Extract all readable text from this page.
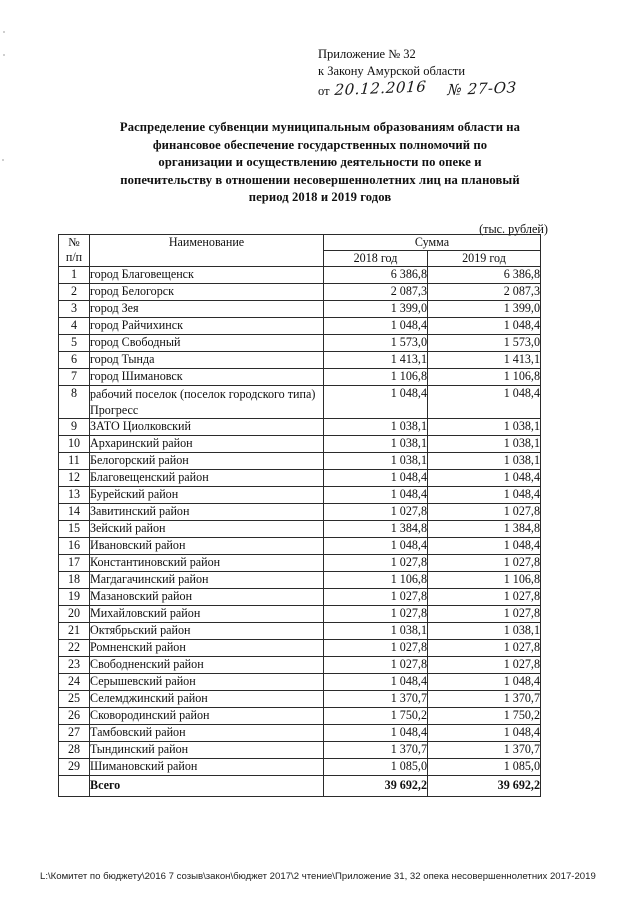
Приложение № 32
к Закону Амурской области
от 20.12.2016 № 27-ОЗ
Распределение субвенции муниципальным образованиям области на
финансовое обеспечение государственных полномочий по
организации и осуществлению деятельности по опеке и
попечительству в отношении несовершеннолетних лиц на плановый
период 2018 и 2019 годов
(тыс. рублей)
№
п/п	Наименование	Сумма	
		2018 год	2019 год
1	город Благовещенск	6 386,8	6 386,8
2	город Белогорск	2 087,3	2 087,3
3	город Зея	1 399,0	1 399,0
4	город Райчихинск	1 048,4	1 048,4
5	город Свободный	1 573,0	1 573,0
6	город Тында	1 413,1	1 413,1
7	город Шимановск	1 106,8	1 106,8
8	рабочий поселок (поселок городского типа) Прогресс	1 048,4	1 048,4
9	ЗАТО Циолковский	1 038,1	1 038,1
10	Архаринский район	1 038,1	1 038,1
11	Белогорский район	1 038,1	1 038,1
12	Благовещенский район	1 048,4	1 048,4
13	Бурейский район	1 048,4	1 048,4
14	Завитинский район	1 027,8	1 027,8
15	Зейский район	1 384,8	1 384,8
16	Ивановский район	1 048,4	1 048,4
17	Константиновский район	1 027,8	1 027,8
18	Магдагачинский район	1 106,8	1 106,8
19	Мазановский район	1 027,8	1 027,8
20	Михайловский район	1 027,8	1 027,8
21	Октябрьский район	1 038,1	1 038,1
22	Ромненский район	1 027,8	1 027,8
23	Свободненский район	1 027,8	1 027,8
24	Серышевский район	1 048,4	1 048,4
25	Селемджинский район	1 370,7	1 370,7
26	Сковородинский район	1 750,2	1 750,2
27	Тамбовский район	1 048,4	1 048,4
28	Тындинский район	1 370,7	1 370,7
29	Шимановский район	1 085,0	1 085,0
	Всего	39 692,2	39 692,2
L:\Комитет по бюджету\2016 7 созыв\закон\бюджет 2017\2 чтение\Приложение 31, 32 опека несовершеннолетних 2017-2019
